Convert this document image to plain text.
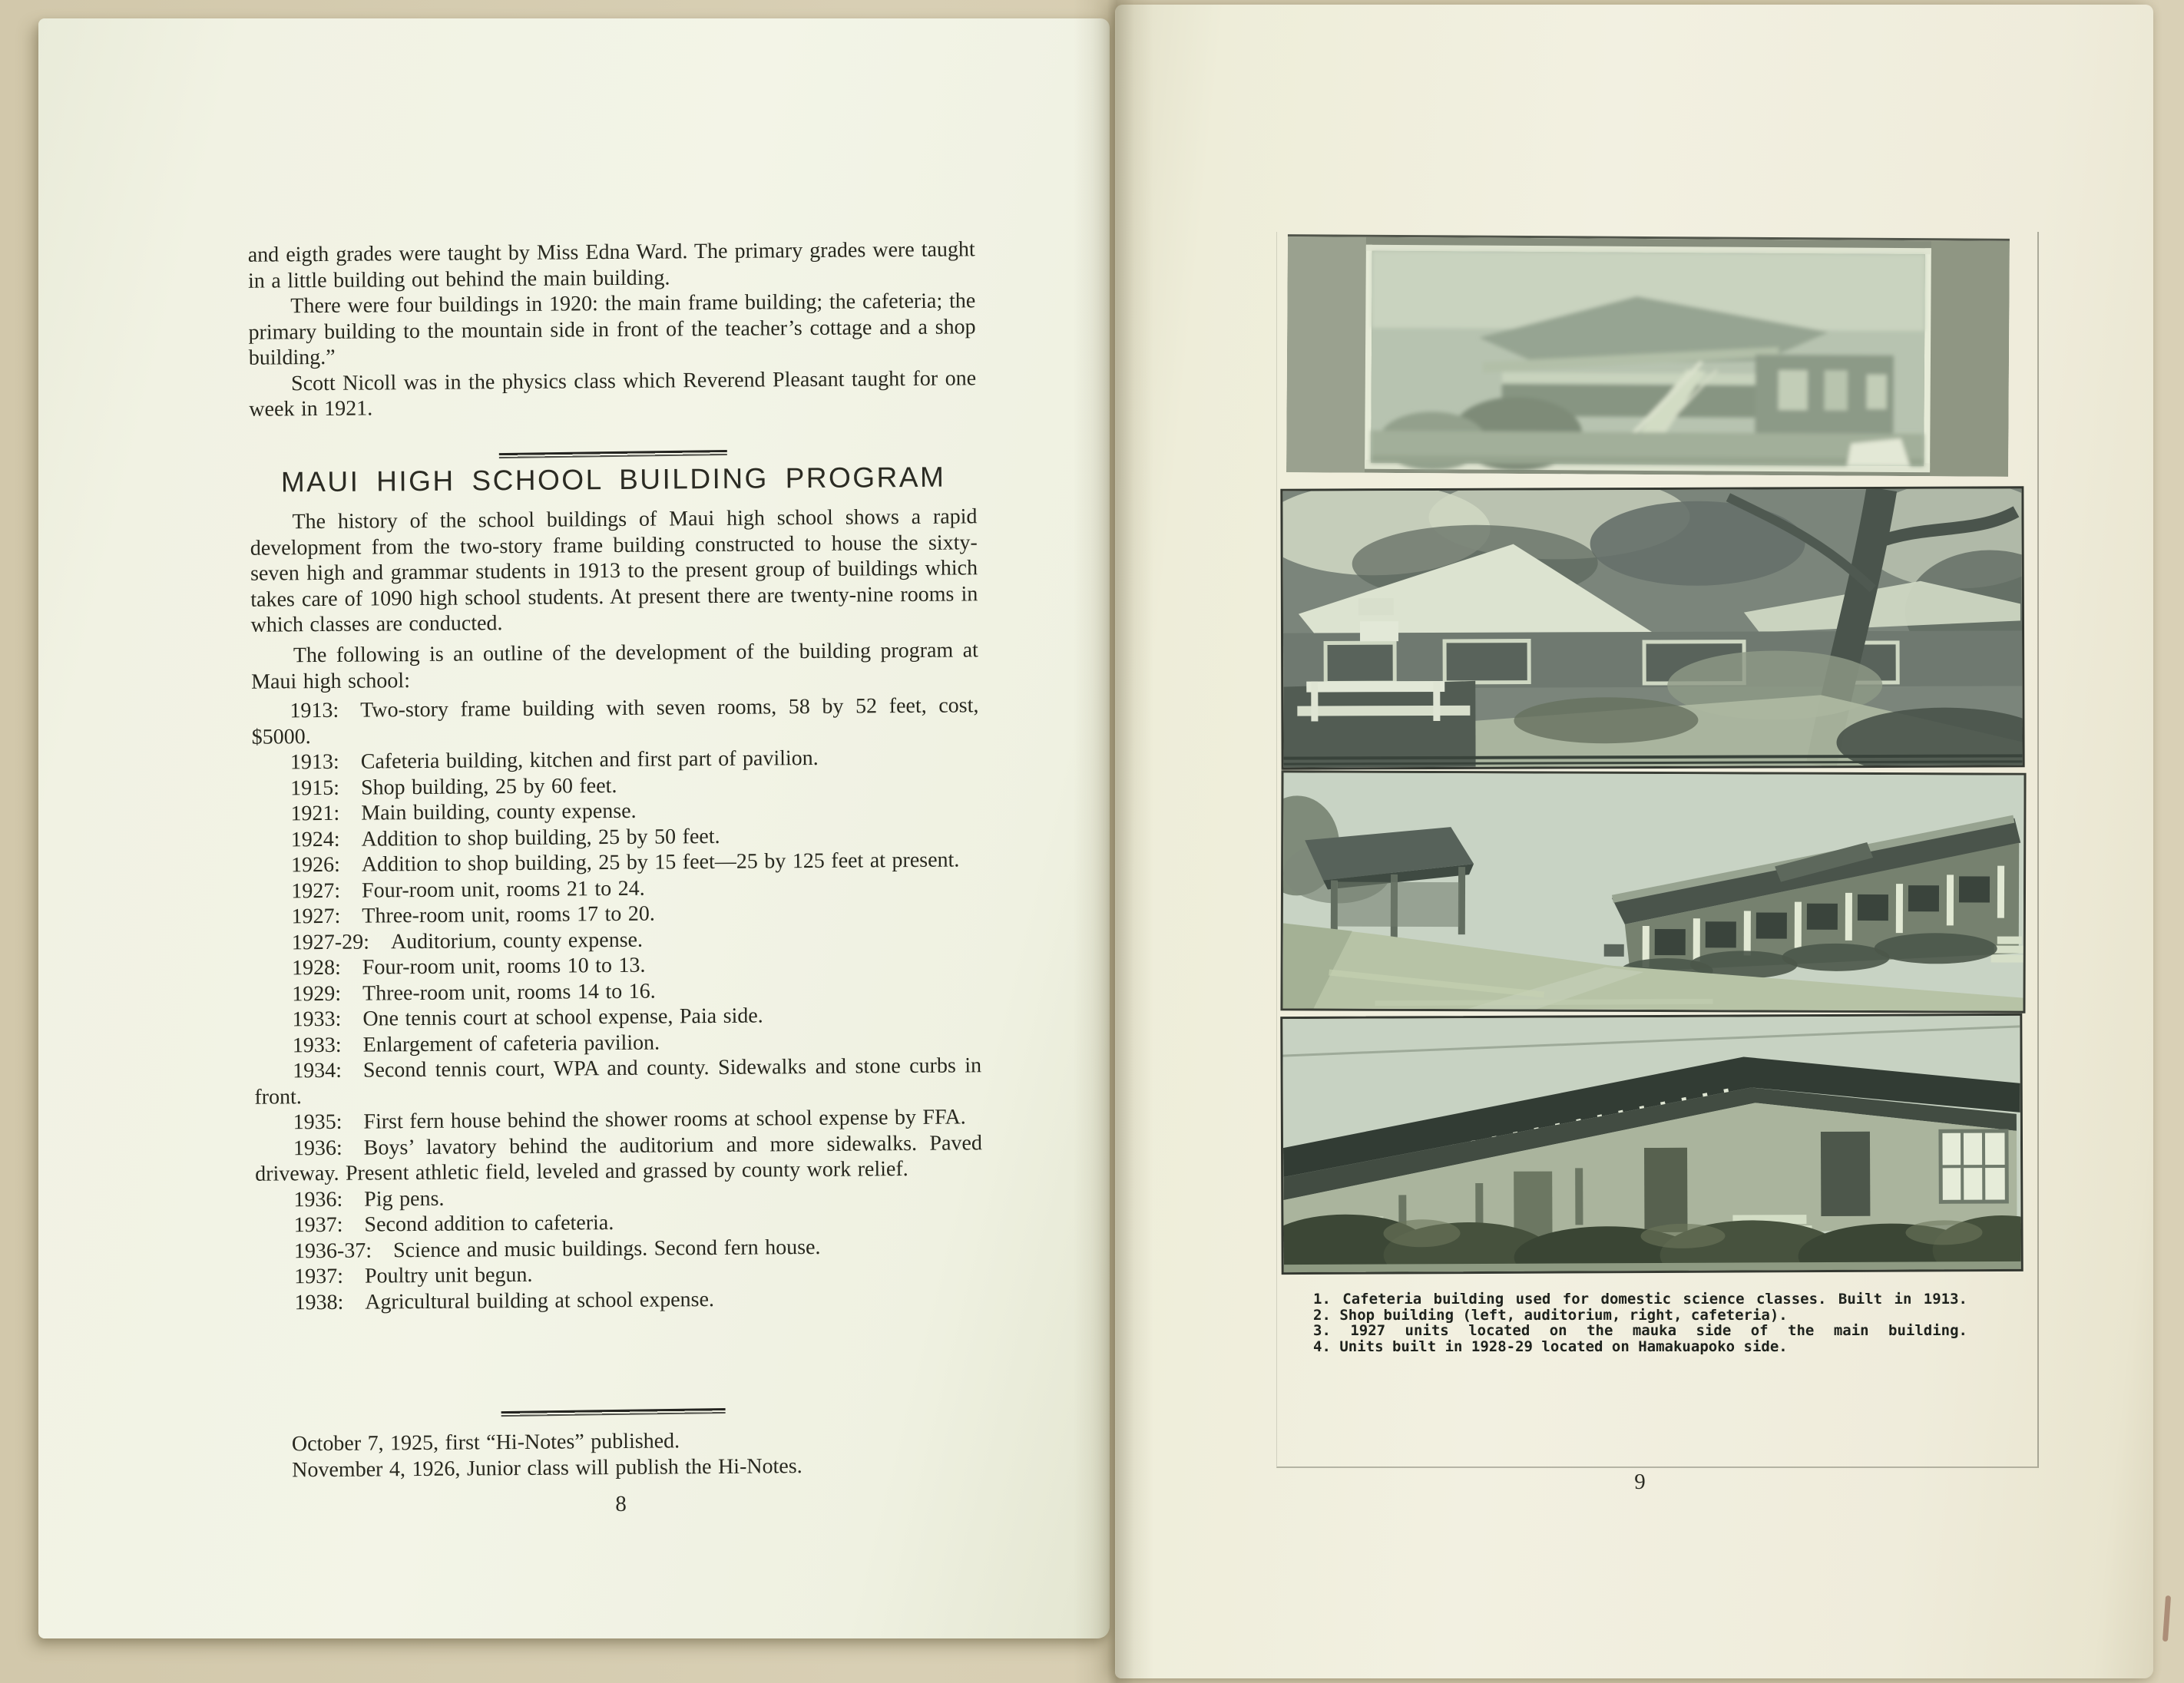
and eigth grades were taught by Miss Edna Ward. The primary grades were taught in a little building out behind the main building.

There were four buildings in 1920: the main frame building; the cafeteria; the primary building to the mountain side in front of the teacher’s cottage and a shop building.”

Scott Nicoll was in the physics class which Reverend Pleasant taught for one week in 1921.

MAUI HIGH SCHOOL BUILDING PROGRAM

The history of the school buildings of Maui high school shows a rapid development from the two-story frame building constructed to house the sixty-seven high and grammar students in 1913 to the present group of buildings which takes care of 1090 high school students. At present there are twenty-nine rooms in which classes are conducted.

The following is an outline of the development of the building program at Maui high school:

1913:  Two-story frame building with seven rooms, 58 by 52 feet, cost, $5000.

1913:  Cafeteria building, kitchen and first part of pavilion.

1915:  Shop building, 25 by 60 feet.

1921:  Main building, county expense.

1924:  Addition to shop building, 25 by 50 feet.

1926:  Addition to shop building, 25 by 15 feet—25 by 125 feet at present.

1927:  Four-room unit, rooms 21 to 24.

1927:  Three-room unit, rooms 17 to 20.

1927-29:  Auditorium, county expense.

1928:  Four-room unit, rooms 10 to 13.

1929:  Three-room unit, rooms 14 to 16.

1933:  One tennis court at school expense, Paia side.

1933:  Enlargement of cafeteria pavilion.

1934:  Second tennis court, WPA and county. Sidewalks and stone curbs in front.

1935:  First fern house behind the shower rooms at school expense by FFA.

1936:  Boys’ lavatory behind the auditorium and more sidewalks. Paved driveway. Present athletic field, leveled and grassed by county work relief.

1936:  Pig pens.

1937:  Second addition to cafeteria.

1936-37:  Science and music buildings. Second fern house.

1937:  Poultry unit begun.

1938:  Agricultural building at school expense.

October 7, 1925, first “Hi-Notes” published.

November 4, 1926, Junior class will publish the Hi-Notes.

8
1. Cafeteria building used for domestic science classes. Built in 1913.
2. Shop building (left, auditorium, right, cafeteria).
3. 1927 units located on the mauka side of the main building.
4. Units built in 1928-29 located on Hamakuapoko side.
9
